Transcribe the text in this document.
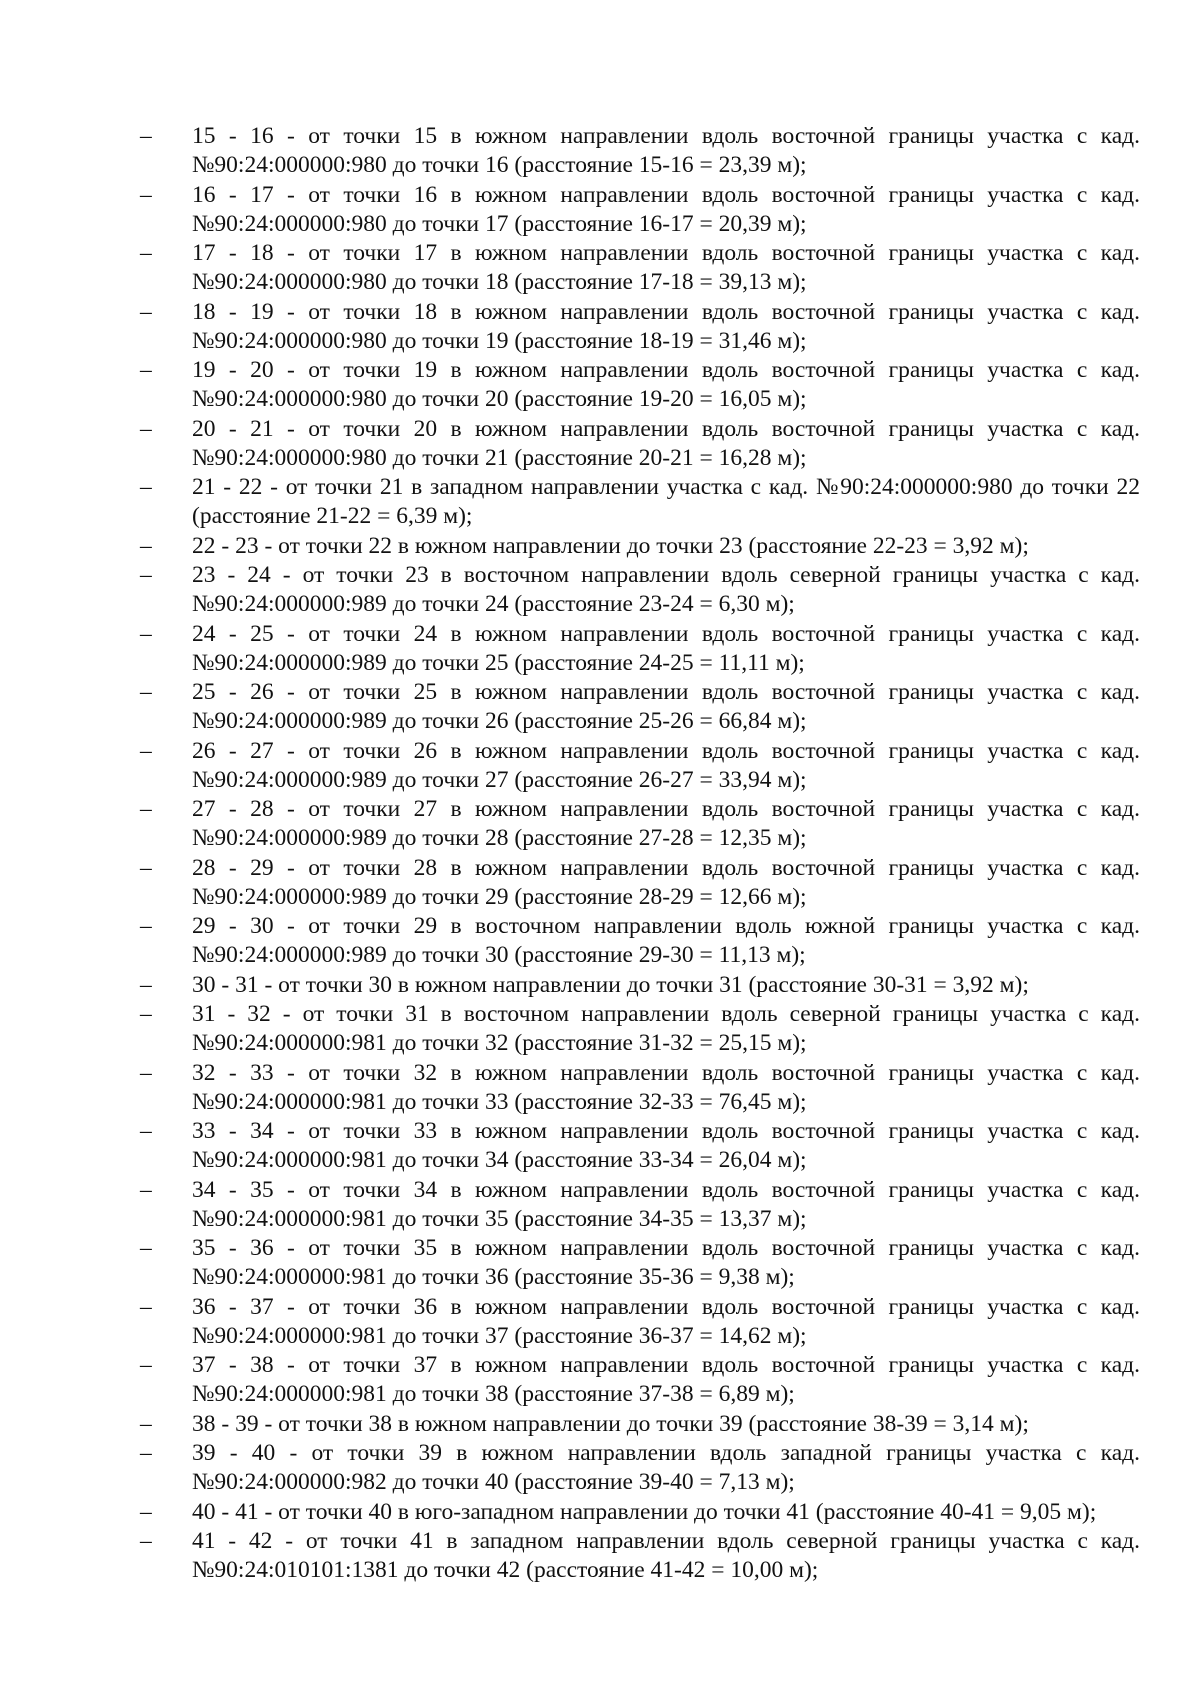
–	15 - 16 - от точки 15 в южном направлении вдоль восточной границы участка с кад. №90:24:000000:980 до точки 16 (расстояние 15-16 = 23,39 м);
–	16 - 17 - от точки 16 в южном направлении вдоль восточной границы участка с кад. №90:24:000000:980 до точки 17 (расстояние 16-17 = 20,39 м);
–	17 - 18 - от точки 17 в южном направлении вдоль восточной границы участка с кад. №90:24:000000:980 до точки 18 (расстояние 17-18 = 39,13 м);
–	18 - 19 - от точки 18 в южном направлении вдоль восточной границы участка с кад. №90:24:000000:980 до точки 19 (расстояние 18-19 = 31,46 м);
–	19 - 20 - от точки 19 в южном направлении вдоль восточной границы участка с кад. №90:24:000000:980 до точки 20 (расстояние 19-20 = 16,05 м);
–	20 - 21 - от точки 20 в южном направлении вдоль восточной границы участка с кад. №90:24:000000:980 до точки 21 (расстояние 20-21 = 16,28 м);
–	21 - 22 - от точки 21 в западном направлении участка с кад. №90:24:000000:980 до точки 22 (расстояние 21-22 = 6,39 м);
–	22 - 23 - от точки 22 в южном направлении до точки 23 (расстояние 22-23 = 3,92 м);
–	23 - 24 - от точки 23 в восточном направлении вдоль северной границы участка с кад. №90:24:000000:989 до точки 24 (расстояние 23-24 = 6,30 м);
–	24 - 25 - от точки 24 в южном направлении вдоль восточной границы участка с кад. №90:24:000000:989 до точки 25 (расстояние 24-25 = 11,11 м);
–	25 - 26 - от точки 25 в южном направлении вдоль восточной границы участка с кад. №90:24:000000:989 до точки 26 (расстояние 25-26 = 66,84 м);
–	26 - 27 - от точки 26 в южном направлении вдоль восточной границы участка с кад. №90:24:000000:989 до точки 27 (расстояние 26-27 = 33,94 м);
–	27 - 28 - от точки 27 в южном направлении вдоль восточной границы участка с кад. №90:24:000000:989 до точки 28 (расстояние 27-28 = 12,35 м);
–	28 - 29 - от точки 28 в южном направлении вдоль восточной границы участка с кад. №90:24:000000:989 до точки 29 (расстояние 28-29 = 12,66 м);
–	29 - 30 - от точки 29 в восточном направлении вдоль южной границы участка с кад. №90:24:000000:989 до точки 30 (расстояние 29-30 = 11,13 м);
–	30 - 31 - от точки 30 в южном направлении до точки 31 (расстояние 30-31 = 3,92 м);
–	31 - 32 - от точки 31 в восточном направлении вдоль северной границы участка с кад. №90:24:000000:981 до точки 32 (расстояние 31-32 = 25,15 м);
–	32 - 33 - от точки 32 в южном направлении вдоль восточной границы участка с кад. №90:24:000000:981 до точки 33 (расстояние 32-33 = 76,45 м);
–	33 - 34 - от точки 33 в южном направлении вдоль восточной границы участка с кад. №90:24:000000:981 до точки 34 (расстояние 33-34 = 26,04 м);
–	34 - 35 - от точки 34 в южном направлении вдоль восточной границы участка с кад. №90:24:000000:981 до точки 35 (расстояние 34-35 = 13,37 м);
–	35 - 36 - от точки 35 в южном направлении вдоль восточной границы участка с кад. №90:24:000000:981 до точки 36 (расстояние 35-36 = 9,38 м);
–	36 - 37 - от точки 36 в южном направлении вдоль восточной границы участка с кад. №90:24:000000:981 до точки 37 (расстояние 36-37 = 14,62 м);
–	37 - 38 - от точки 37 в южном направлении вдоль восточной границы участка с кад. №90:24:000000:981 до точки 38 (расстояние 37-38 = 6,89 м);
–	38 - 39 - от точки 38 в южном направлении до точки 39 (расстояние 38-39 = 3,14 м);
–	39 - 40 - от точки 39 в южном направлении вдоль западной границы участка с кад. №90:24:000000:982 до точки 40 (расстояние 39-40 = 7,13 м);
–	40 - 41 - от точки 40 в юго-западном направлении до точки 41 (расстояние 40-41 = 9,05 м);
–	41 - 42 - от точки 41 в западном направлении вдоль северной границы участка с кад. №90:24:010101:1381 до точки 42 (расстояние 41-42 = 10,00 м);
